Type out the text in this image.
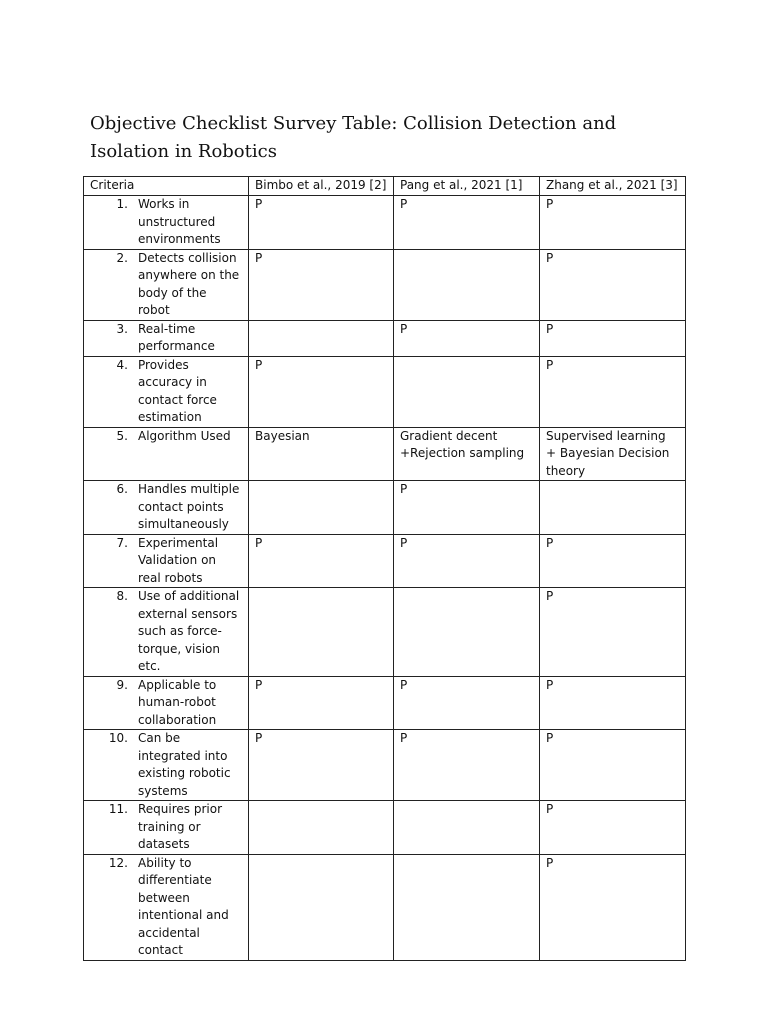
Objective Checklist Survey Table: Collision Detection and Isolation in Robotics
Criteria	Bimbo et al., 2019 [2]	Pang et al., 2021 [1]	Zhang et al., 2021 [3]

1. Works in unstructured environments	P	P	P

2. Detects collision anywhere on the body of the robot	P		P

3. Real-time performance		P	P

4. Provides accuracy in contact force estimation	P		P

5. Algorithm Used	Bayesian	Gradient decent +Rejection sampling	Supervised learning + Bayesian Decision theory

6. Handles multiple contact points simultaneously		P	

7. Experimental Validation on real robots	P	P	P

8. Use of additional external sensors such as force-torque, vision etc.			P

9. Applicable to human-robot collaboration	P	P	P

10. Can be integrated into existing robotic systems	P	P	P

11. Requires prior training or datasets			P

12. Ability to differentiate between intentional and accidental contact			P
